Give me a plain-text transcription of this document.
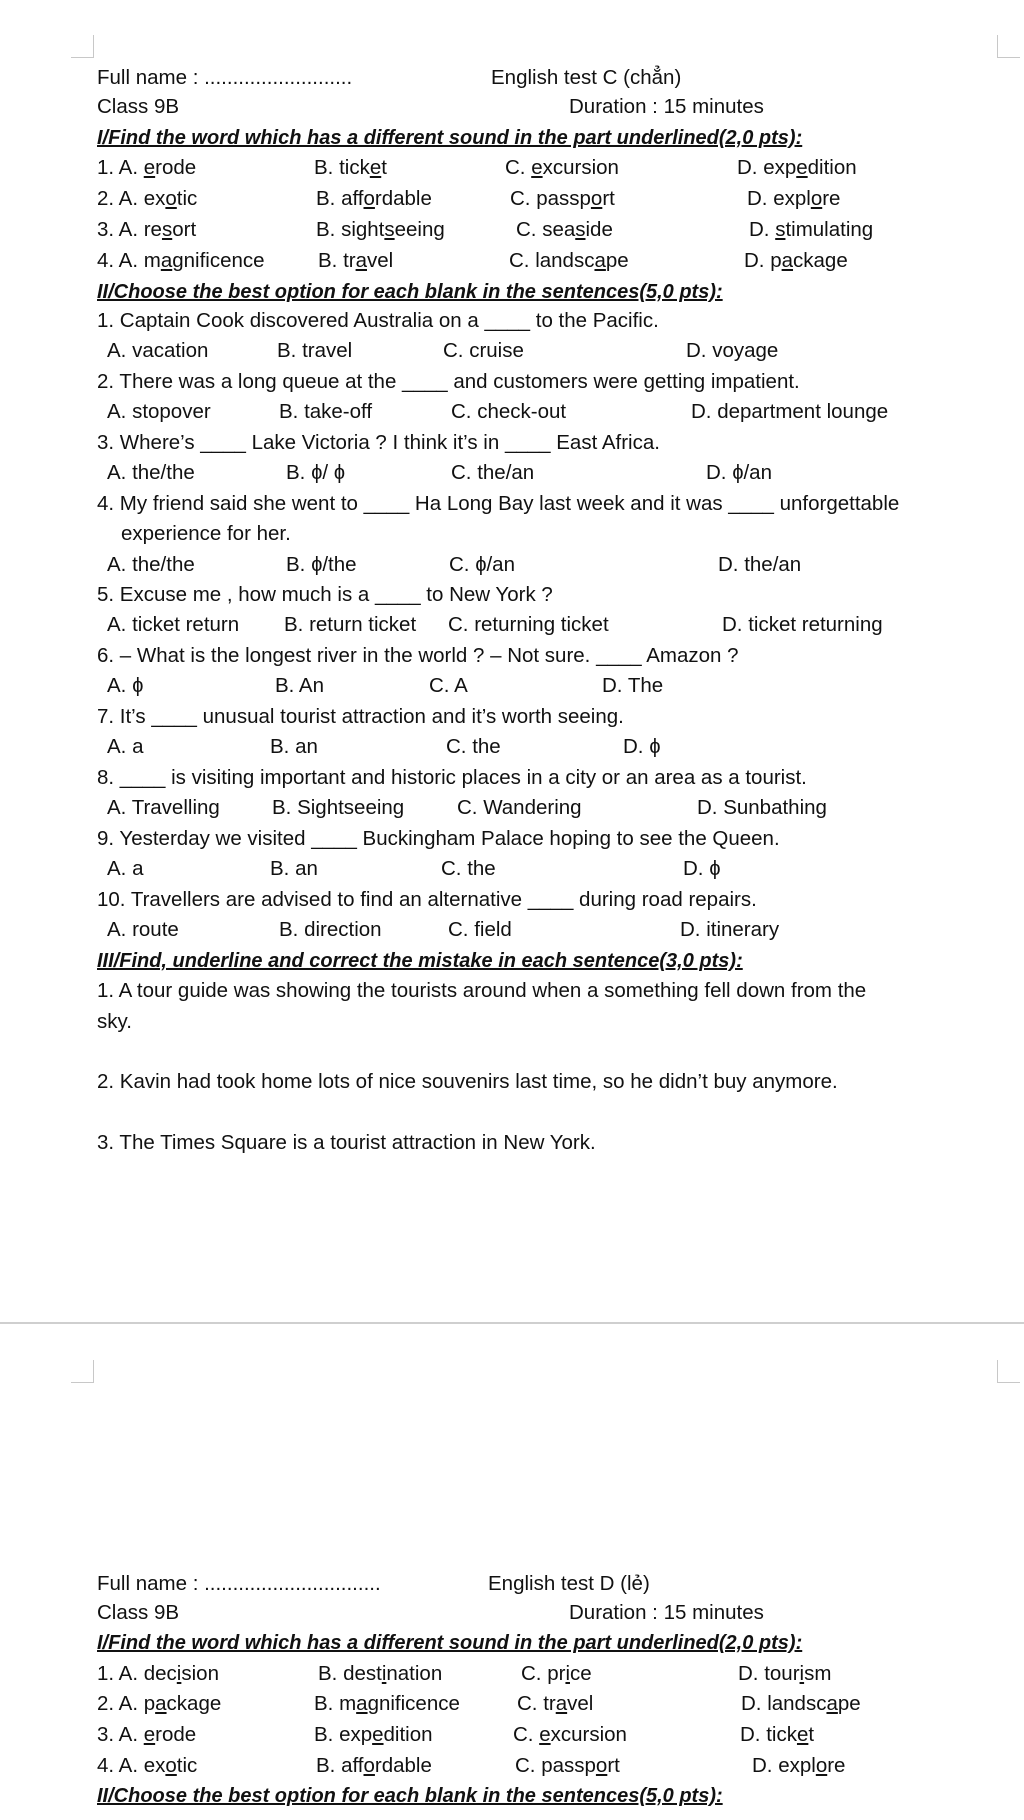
Full name : ..........................	English test C (chẳn)
Class 9B	Duration : 15 minutes
I/Find the word which has a different sound in the part underlined(2,0 pts):
1. A. erode	B. ticket	C. excursion	D. expedition
2. A. exotic	B. affordable	C. passport	D. explore
3. A. resort	B. sightseeing	C. seaside	D. stimulating
4. A. magnificence	B. travel	C. landscape	D. package
II/Choose the best option for each blank in the sentences(5,0 pts):
1. Captain Cook discovered Australia on a ____ to the Pacific.
A. vacation	B. travel	C. cruise	D. voyage
2. There was a long queue at the ____ and customers were getting impatient.
A. stopover	B. take-off	C. check-out	D. department lounge
3. Where’s ____ Lake Victoria ? I think it’s in ____ East Africa.
A. the/the	B. ɸ/ ɸ	C. the/an	D. ɸ/an
4. My friend said she went to ____ Ha Long Bay last week and it was ____ unforgettable
experience for her.
A. the/the	B. ɸ/the	C. ɸ/an	D. the/an
5. Excuse me , how much is a ____ to New York ?
A. ticket return B. return ticket C. returning ticket	D. ticket returning
6. – What is the longest river in the world ? – Not sure. ____ Amazon ?
A. ɸ	B. An	C. A	D. The
7. It’s ____ unusual tourist attraction and it’s worth seeing.
A. a	B. an	C. the	D. ɸ
8. ____ is visiting important and historic places in a city or an area as a tourist.
A. Travelling	B. Sightseeing	C. Wandering	D. Sunbathing
9. Yesterday we visited ____ Buckingham Palace hoping to see the Queen.
A. a	B. an	C. the	D. ɸ
10. Travellers are advised to find an alternative ____ during road repairs.
A. route	B. direction	C. field	D. itinerary
III/Find, underline and correct the mistake in each sentence(3,0 pts):
1. A tour guide was showing the tourists around when a something fell down from the
sky.
2. Kavin had took home lots of nice souvenirs last time, so he didn’t buy anymore.
3. The Times Square is a tourist attraction in New York.
Full name : ...............................	English test D (lẻ)
Class 9B	Duration : 15 minutes
I/Find the word which has a different sound in the part underlined(2,0 pts):
1. A. decision	B. destination	C. price	D. tourism
2. A. package	B. magnificence	C. travel	D. landscape
3. A. erode	B. expedition	C. excursion	D. ticket
4. A. exotic	B. affordable	C. passport	D. explore
II/Choose the best option for each blank in the sentences(5,0 pts):
